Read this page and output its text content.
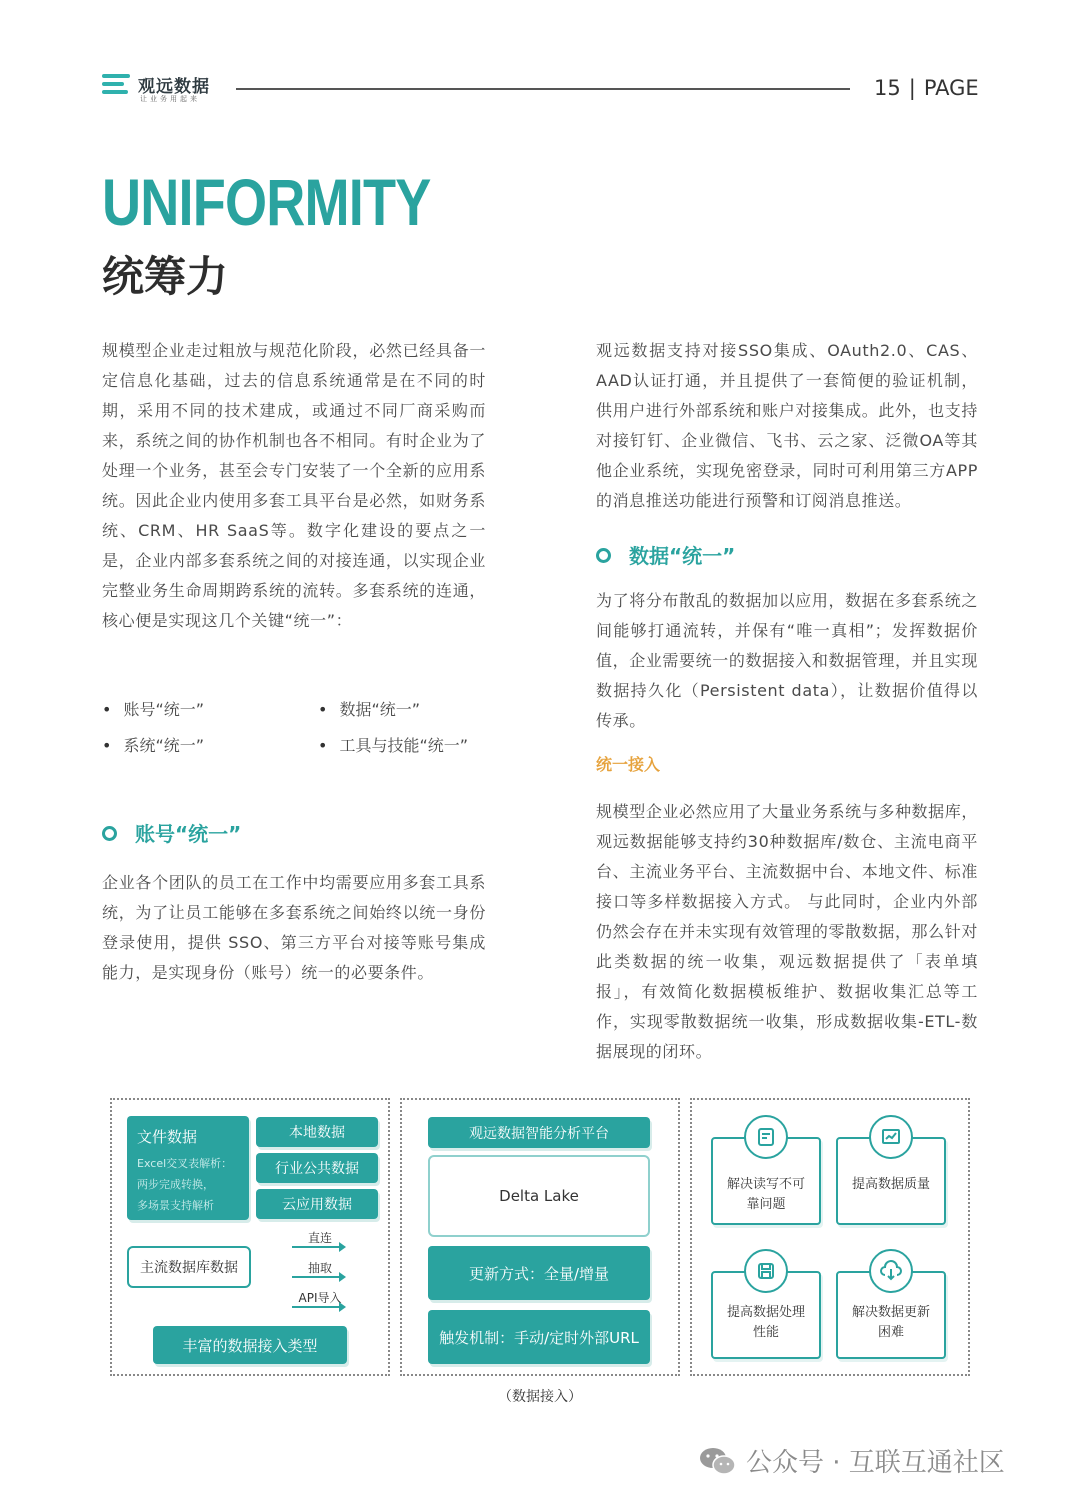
观远数据
让业务用起来	15 | PAGE
UNIFORMITY
统筹力
规模型企业走过粗放与规范化阶段，必然已经具备一定信息化基础，过去的信息系统通常是在不同的时期，采用不同的技术建成，或通过不同厂商采购而来，系统之间的协作机制也各不相同。有时企业为了处理一个业务，甚至会专门安装了一个全新的应用系统。因此企业内使用多套工具平台是必然，如财务系统、CRM、HR SaaS等。数字化建设的要点之一是，企业内部多套系统之间的对接连通，以实现企业完整业务生命周期跨系统的流转。多套系统的连通，核心便是实现这几个关键“统一”：
• 账号“统一”	• 数据“统一”
• 系统“统一”	• 工具与技能“统一”
账号“统一”
企业各个团队的员工在工作中均需要应用多套工具系统，为了让员工能够在多套系统之间始终以统一身份登录使用，提供 SSO、第三方平台对接等账号集成能力，是实现身份（账号）统一的必要条件。
观远数据支持对接SSO集成、OAuth2.0、CAS、AAD认证打通，并且提供了一套简便的验证机制，供用户进行外部系统和账户对接集成。此外，也支持对接钉钉、企业微信、飞书、云之家、泛微OA等其他企业系统，实现免密登录，同时可利用第三方APP的消息推送功能进行预警和订阅消息推送。
数据“统一”
为了将分布散乱的数据加以应用，数据在多套系统之间能够打通流转，并保有“唯一真相”；发挥数据价值，企业需要统一的数据接入和数据管理，并且实现数据持久化（Persistent data），让数据价值得以传承。
统一接入
规模型企业必然应用了大量业务系统与多种数据库，观远数据能够支持约30种数据库/数仓、主流电商平台、主流业务平台、主流数据中台、本地文件、标准接口等多样数据接入方式。 与此同时，企业内外部仍然会存在并未实现有效管理的零散数据，那么针对此类数据的统一收集，观远数据提供了「表单填报」，有效简化数据模板维护、数据收集汇总等工作，实现零散数据统一收集，形成数据收集-ETL-数据展现的闭环。
文件数据
Excel交叉表解析：
两步完成转换，
多场景支持解析
本地数据
行业公共数据
云应用数据
主流数据库数据
直连
抽取
API导入
丰富的数据接入类型
观远数据智能分析平台
Delta Lake
更新方式：全量/增量
触发机制：手动/定时外部URL
解决读写不可靠问题
提高数据质量
提高数据处理性能
解决数据更新困难
（数据接入）
公众号 · 互联互通社区
